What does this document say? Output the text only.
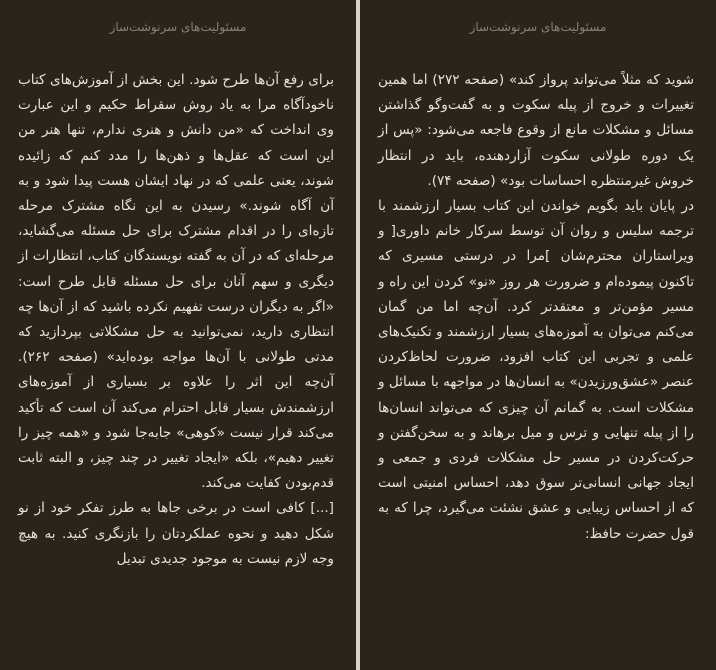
مسئولیت‌های سرنوشت‌ساز

شوید که مثلاً می‌تواند پرواز کند» (صفحه ۲۷۲) اما همین تغییرات و خروج از پیله سکوت و به گفت‌وگو گذاشتن مسائل و مشکلات مانع از وقوع فاجعه می‌شود: «پس از یک دوره طولانی سکوت آزاردهنده، باید در انتظار خروش غیرمنتظره احساسات بود» (صفحه ۷۴).

در پایان باید بگویم خواندن این کتاب بسیار ارزشمند با ترجمه سلیس و روان آن توسط سرکار خانم داوری[ و ویراستاران محترم‌شان ]مرا در درستی مسیری که تاکنون پیموده‌ام و ضرورت هر روز «نو» کردن این راه و مسیر مؤمن‌تر و معتقدتر کرد. آن‌چه اما من گمان می‌کنم می‌توان به آموزه‌های بسیار ارزشمند و تکنیک‌های علمی و تجربی این کتاب افزود، ضرورت لحاظ‌کردن عنصر «عشق‌ورزیدن» به انسان‌ها در مواجهه با مسائل و مشکلات است. به گمانم آن چیزی که می‌تواند انسان‌ها را از پیله تنهایی و ترس و میل برهاند و به سخن‌گفتن و حرکت‌کردن در مسیر حل مشکلات فردی و جمعی و ایجاد جهانی انسانی‌تر سوق دهد، احساس امنیتی است که از احساس زیبایی و عشق نشئت می‌گیرد، چرا که به قول حضرت حافظ:

مسئولیت‌های سرنوشت‌ساز

برای رفع آن‌ها طرح شود. این بخش از آموزش‌های کتاب ناخودآگاه مرا به یاد روش سقراط حکیم و این عبارت وی انداخت که «من دانش و هنری ندارم، تنها هنر من این است که عقل‌ها و ذهن‌ها را مدد کنم که زائیده شوند، یعنی علمی که در نهاد ایشان هست پیدا شود و به آن آگاه شوند.» رسیدن به این نگاه مشترک مرحله تازه‌ای را در اقدام مشترک برای حل مسئله می‌گشاید، مرحله‌ای که در آن به گفته نویسندگان کتاب، انتظارات از دیگری و سهم آنان برای حل مسئله قابل طرح است: «اگر به دیگران درست تفهیم نکرده باشید که از آن‌ها چه انتظاری دارید، نمی‌توانید به حل مشکلاتی بپردازید که مدتی طولانی با آن‌ها مواجه بوده‌اید» (صفحه ۲۶۲). آن‌چه این اثر را علاوه بر بسیاری از آموزه‌های ارزشمندش بسیار قابل احترام می‌کند آن است که تأکید می‌کند قرار نیست «کوهی» جابه‌جا شود و «همه چیز را تغییر دهیم»، بلکه «ایجاد تغییر در چند چیز، و البته ثابت قدم‌بودن کفایت می‌کند.

[...] کافی است در برخی جاها به طرز تفکر خود از نو شکل دهید و نحوه عملکردتان را بازنگری کنید. به هیچ وجه لازم نیست به موجود جدیدی تبدیل
